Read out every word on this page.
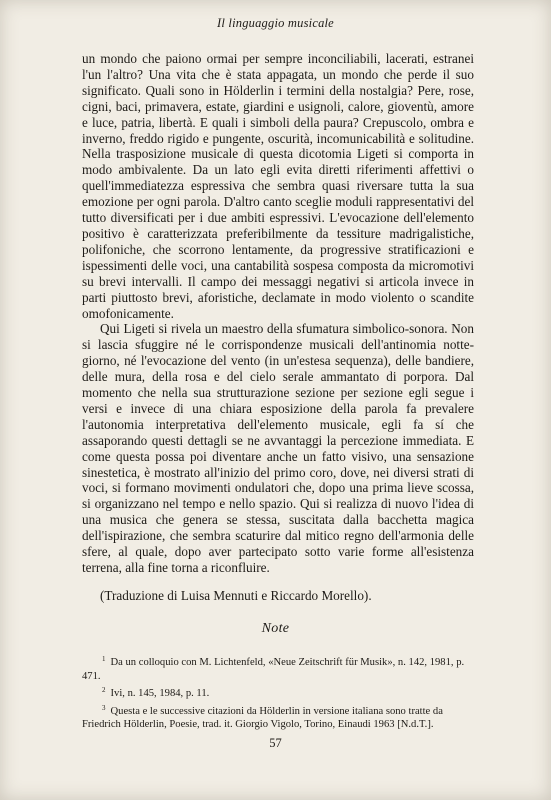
Il linguaggio musicale

un mondo che paiono ormai per sempre inconciliabili, lacerati, estranei l'un l'altro? Una vita che è stata appagata, un mondo che perde il suo significato. Quali sono in Hölderlin i termini della nostalgia? Pere, rose, cigni, baci, primavera, estate, giardini e usignoli, calore, gioventù, amore e luce, patria, libertà. E quali i simboli della paura? Crepuscolo, ombra e inverno, freddo rigido e pungente, oscurità, incomunicabilità e solitudine. Nella trasposizione musicale di questa dicotomia Ligeti si comporta in modo ambivalente. Da un lato egli evita diretti riferimenti affettivi o quell'immediatezza espressiva che sembra quasi riversare tutta la sua emozione per ogni parola. D'altro canto sceglie moduli rappresentativi del tutto diversificati per i due ambiti espressivi. L'evocazione dell'elemento positivo è caratterizzata preferibilmente da tessiture madrigalistiche, polifoniche, che scorrono lentamente, da progressive stratificazioni e ispessimenti delle voci, una cantabilità sospesa composta da micromotivi su brevi intervalli. Il campo dei messaggi negativi si articola invece in parti piuttosto brevi, aforistiche, declamate in modo violento o scandite omofonicamente.

Qui Ligeti si rivela un maestro della sfumatura simbolico-sonora. Non si lascia sfuggire né le corrispondenze musicali dell'antinomia notte-giorno, né l'evocazione del vento (in un'estesa sequenza), delle bandiere, delle mura, della rosa e del cielo serale ammantato di porpora. Dal momento che nella sua strutturazione sezione per sezione egli segue i versi e invece di una chiara esposizione della parola fa prevalere l'autonomia interpretativa dell'elemento musicale, egli fa sí che assaporando questi dettagli se ne avvantaggi la percezione immediata. E come questa possa poi diventare anche un fatto visivo, una sensazione sinestetica, è mostrato all'inizio del primo coro, dove, nei diversi strati di voci, si formano movimenti ondulatori che, dopo una prima lieve scossa, si organizzano nel tempo e nello spazio. Qui si realizza di nuovo l'idea di una musica che genera se stessa, suscitata dalla bacchetta magica dell'ispirazione, che sembra scaturire dal mitico regno dell'armonia delle sfere, al quale, dopo aver partecipato sotto varie forme all'esistenza terrena, alla fine torna a riconfluire.

(Traduzione di Luisa Mennuti e Riccardo Morello).

Note

$^1$ Da un colloquio con M. Lichtenfeld, «Neue Zeitschrift für Musik», n. 142, 1981, p. 471.

$^2$ Ivi, n. 145, 1984, p. 11.

$^3$ Questa e le successive citazioni da Hölderlin in versione italiana sono tratte da Friedrich Hölderlin, Poesie, trad. it. Giorgio Vigolo, Torino, Einaudi 1963 [N.d.T.].

57
